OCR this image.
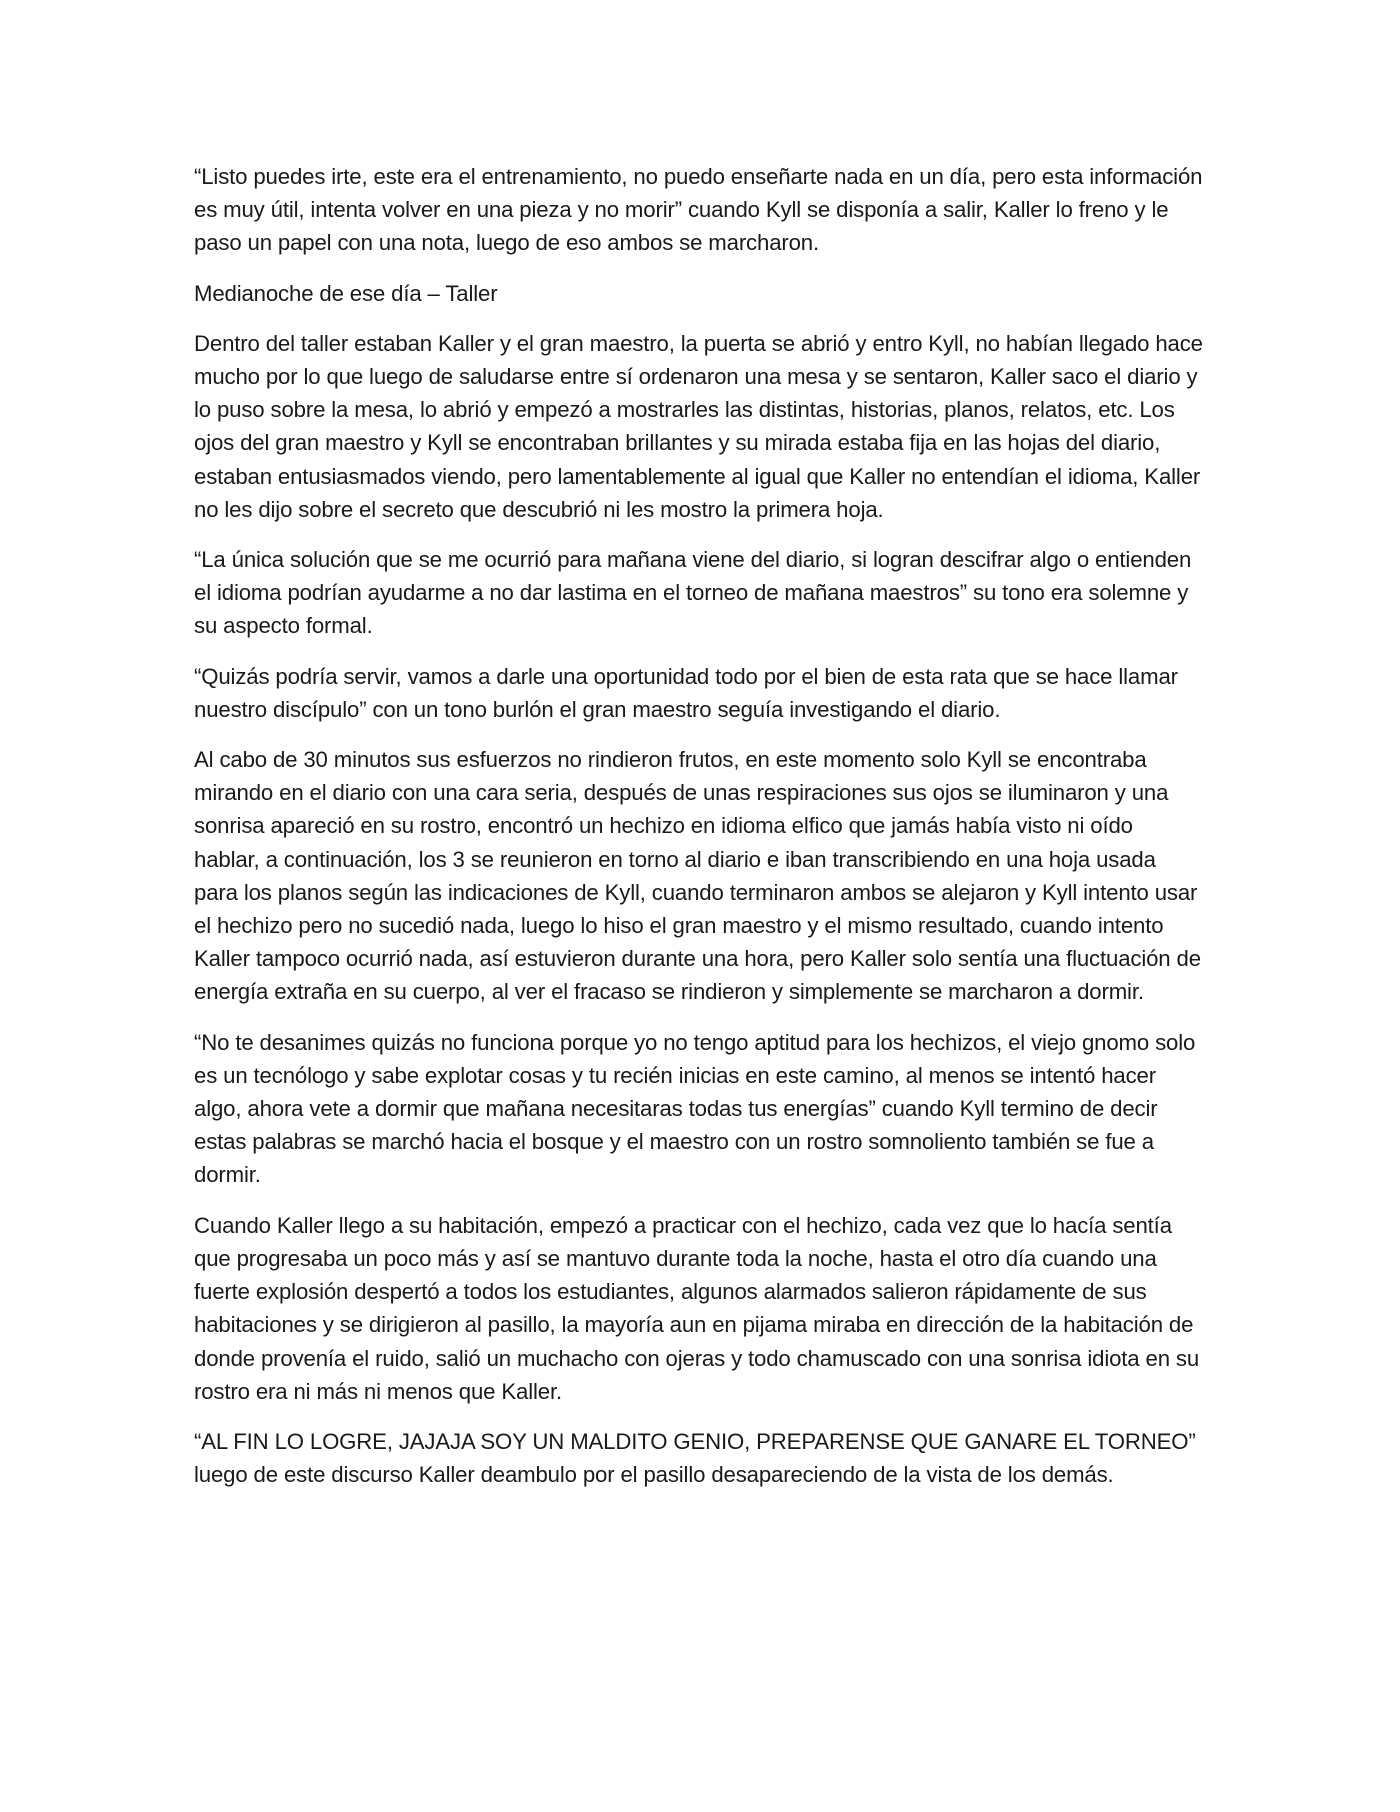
“Listo puedes irte, este era el entrenamiento, no puedo enseñarte nada en un día, pero esta información es muy útil, intenta volver en una pieza y no morir” cuando Kyll se disponía a salir, Kaller lo freno y le paso un papel con una nota, luego de eso ambos se marcharon.

Medianoche de ese día – Taller

Dentro del taller estaban Kaller y el gran maestro, la puerta se abrió y entro Kyll, no habían llegado hace mucho por lo que luego de saludarse entre sí ordenaron una mesa y se sentaron, Kaller saco el diario y lo puso sobre la mesa, lo abrió y empezó a mostrarles las distintas, historias, planos, relatos, etc. Los ojos del gran maestro y Kyll se encontraban brillantes y su mirada estaba fija en las hojas del diario, estaban entusiasmados viendo, pero lamentablemente al igual que Kaller no entendían el idioma, Kaller no les dijo sobre el secreto que descubrió ni les mostro la primera hoja.

“La única solución que se me ocurrió para mañana viene del diario, si logran descifrar algo o entienden el idioma podrían ayudarme a no dar lastima en el torneo de mañana maestros” su tono era solemne y su aspecto formal.

“Quizás podría servir, vamos a darle una oportunidad todo por el bien de esta rata que se hace llamar nuestro discípulo” con un tono burlón el gran maestro seguía investigando el diario.

Al cabo de 30 minutos sus esfuerzos no rindieron frutos, en este momento solo Kyll se encontraba mirando en el diario con una cara seria, después de unas respiraciones sus ojos se iluminaron y una sonrisa apareció en su rostro, encontró un hechizo en idioma elfico que jamás había visto ni oído hablar, a continuación, los 3 se reunieron en torno al diario e iban transcribiendo en una hoja usada para los planos según las indicaciones de Kyll, cuando terminaron ambos se alejaron y Kyll intento usar el hechizo pero no sucedió nada, luego lo hiso el gran maestro y el mismo resultado, cuando intento Kaller tampoco ocurrió nada, así estuvieron durante una hora, pero Kaller solo sentía una fluctuación de energía extraña en su cuerpo, al ver el fracaso se rindieron y simplemente se marcharon a dormir.

“No te desanimes quizás no funciona porque yo no tengo aptitud para los hechizos, el viejo gnomo solo es un tecnólogo y sabe explotar cosas y tu recién inicias en este camino, al menos se intentó hacer algo, ahora vete a dormir que mañana necesitaras todas tus energías” cuando Kyll termino de decir estas palabras se marchó hacia el bosque y el maestro con un rostro somnoliento también se fue a dormir.

Cuando Kaller llego a su habitación, empezó a practicar con el hechizo, cada vez que lo hacía sentía que progresaba un poco más y así se mantuvo durante toda la noche, hasta el otro día cuando una fuerte explosión despertó a todos los estudiantes, algunos alarmados salieron rápidamente de sus habitaciones y se dirigieron al pasillo, la mayoría aun en pijama miraba en dirección de la habitación de donde provenía el ruido, salió un muchacho con ojeras y todo chamuscado con una sonrisa idiota en su rostro era ni más ni menos que Kaller.

“AL FIN LO LOGRE, JAJAJA SOY UN MALDITO GENIO, PREPARENSE QUE GANARE EL TORNEO” luego de este discurso Kaller deambulo por el pasillo desapareciendo de la vista de los demás.
